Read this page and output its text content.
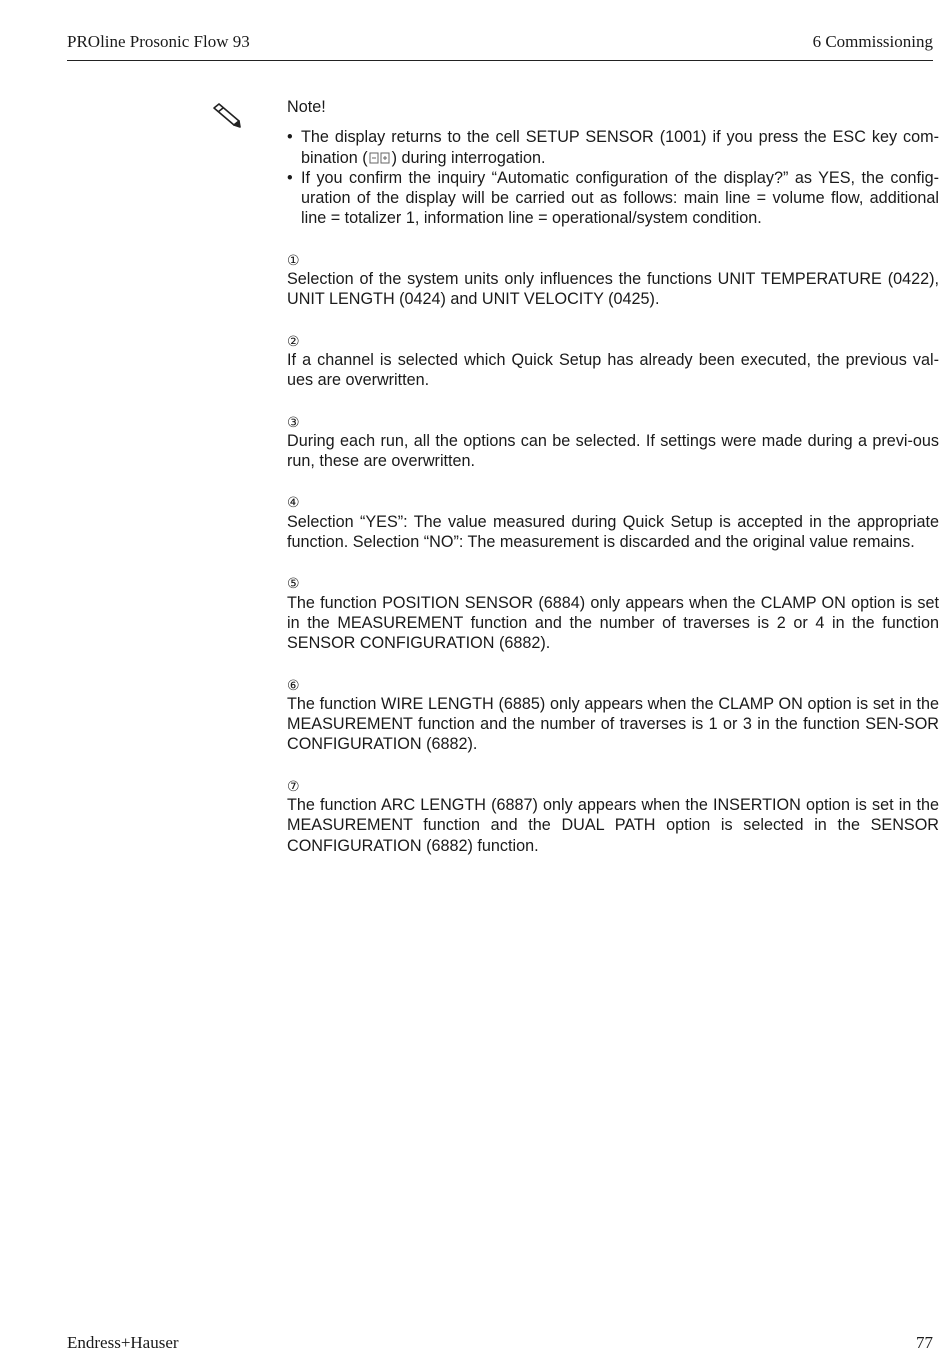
PROline Prosonic Flow 93	6 Commissioning
Note!
• The display returns to the cell SETUP SENSOR (1001) if you press the ESC key com-bination ( ) during interrogation.
• If you confirm the inquiry “Automatic configuration of the display?” as YES, the config-uration of the display will be carried out as follows: main line = volume flow, additional line = totalizer 1, information line = operational/system condition.
①
Selection of the system units only influences the functions UNIT TEMPERATURE (0422), UNIT LENGTH (0424) and UNIT VELOCITY (0425).
②
If a channel is selected which Quick Setup has already been executed, the previous val-ues are overwritten.
③
During each run, all the options can be selected. If settings were made during a previ-ous run, these are overwritten.
④
Selection “YES”: The value measured during Quick Setup is accepted in the appropriate function. Selection “NO”: The measurement is discarded and the original value remains.
⑤
The function POSITION SENSOR (6884) only appears when the CLAMP ON option is set in the MEASUREMENT function and the number of traverses is 2 or 4 in the function SENSOR CONFIGURATION (6882).
⑥
The function WIRE LENGTH (6885) only appears when the CLAMP ON option is set in the MEASUREMENT function and the number of traverses is 1 or 3 in the function SEN-SOR CONFIGURATION (6882).
⑦
The function ARC LENGTH (6887) only appears when the INSERTION option is set in the MEASUREMENT function and the DUAL PATH option is selected in the SENSOR CONFIGURATION (6882) function.
Endress+Hauser	77
